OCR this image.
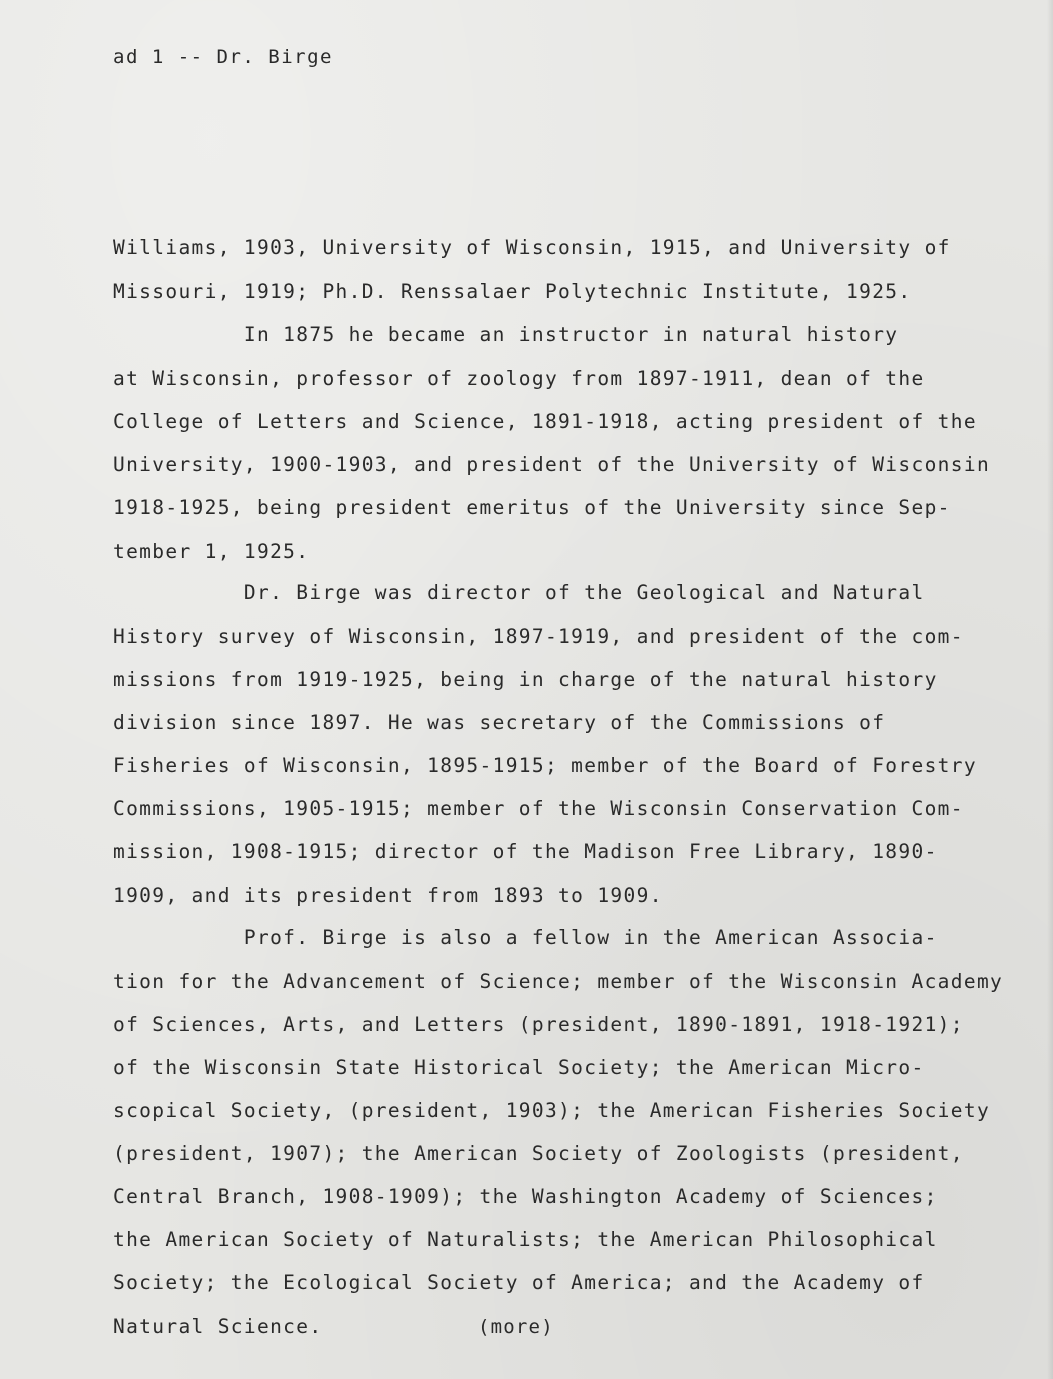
ad 1 -- Dr. Birge
Williams, 1903, University of Wisconsin, 1915, and University of
Missouri, 1919; Ph.D. Renssalaer Polytechnic Institute, 1925.
In 1875 he became an instructor in natural history
at Wisconsin, professor of zoology from 1897-1911, dean of the
College of Letters and Science, 1891-1918, acting president of the
University, 1900-1903, and president of the University of Wisconsin
1918-1925, being president emeritus of the University since Sep-
tember 1, 1925.
Dr. Birge was director of the Geological and Natural
History survey of Wisconsin, 1897-1919, and president of the com-
missions from 1919-1925, being in charge of the natural history
division since 1897. He was secretary of the Commissions of
Fisheries of Wisconsin, 1895-1915; member of the Board of Forestry
Commissions, 1905-1915; member of the Wisconsin Conservation Com-
mission, 1908-1915; director of the Madison Free Library, 1890-
1909, and its president from 1893 to 1909.
Prof. Birge is also a fellow in the American Associa-
tion for the Advancement of Science; member of the Wisconsin Academy
of Sciences, Arts, and Letters (president, 1890-1891, 1918-1921);
of the Wisconsin State Historical Society; the American Micro-
scopical Society, (president, 1903); the American Fisheries Society
(president, 1907); the American Society of Zoologists (president,
Central Branch, 1908-1909); the Washington Academy of Sciences;
the American Society of Naturalists; the American Philosophical
Society; the Ecological Society of America; and the Academy of
Natural Science.	(more)
